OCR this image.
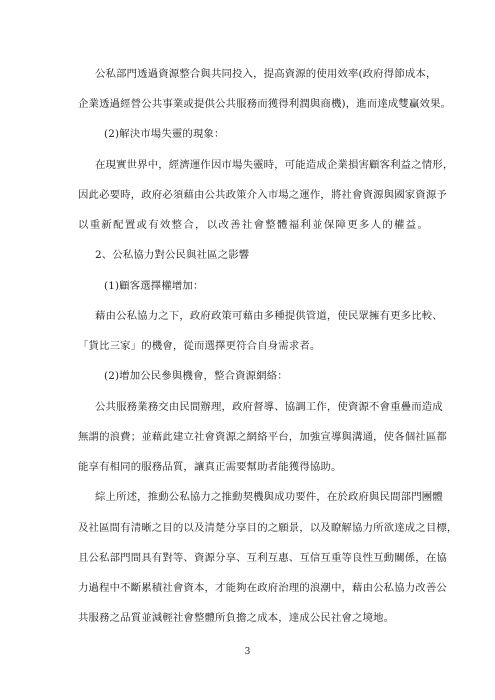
公私部門透過資源整合與共同投入，提高資源的使用效率(政府得節成本，
企業透過經營公共事業或提供公共服務而獲得利潤與商機)，進而達成雙贏效果。
(2)解決市場失靈的現象：
在現實世界中，經濟運作因市場失靈時，可能造成企業損害顧客利益之情形，
因此必要時，政府必須藉由公共政策介入市場之運作，將社會資源與國家資源予
以重新配置或有效整合，以改善社會整體福利並保障更多人的權益。
2、公私協力對公民與社區之影響
(1)顧客選擇權增加：
藉由公私協力之下，政府政策可藉由多種提供管道，使民眾擁有更多比較、
「貨比三家」的機會，從而選擇更符合自身需求者。
(2)增加公民參與機會，整合資源網絡：
公共服務業務交由民間辦理，政府督導、協調工作，使資源不會重疊而造成
無謂的浪費；並藉此建立社會資源之網絡平台，加強宣導與溝通，使各個社區都
能享有相同的服務品質，讓真正需要幫助者能獲得協助。
綜上所述，推動公私協力之推動契機與成功要件，在於政府與民間部門團體
及社區間有清晰之目的以及清楚分享目的之願景，以及瞭解協力所欲達成之目標，
且公私部門間具有對等、資源分享、互利互惠、互信互重等良性互動關係，在協
力過程中不斷累積社會資本，才能夠在政府治理的浪潮中，藉由公私協力改善公
共服務之品質並減輕社會整體所負擔之成本，達成公民社會之境地。
3
